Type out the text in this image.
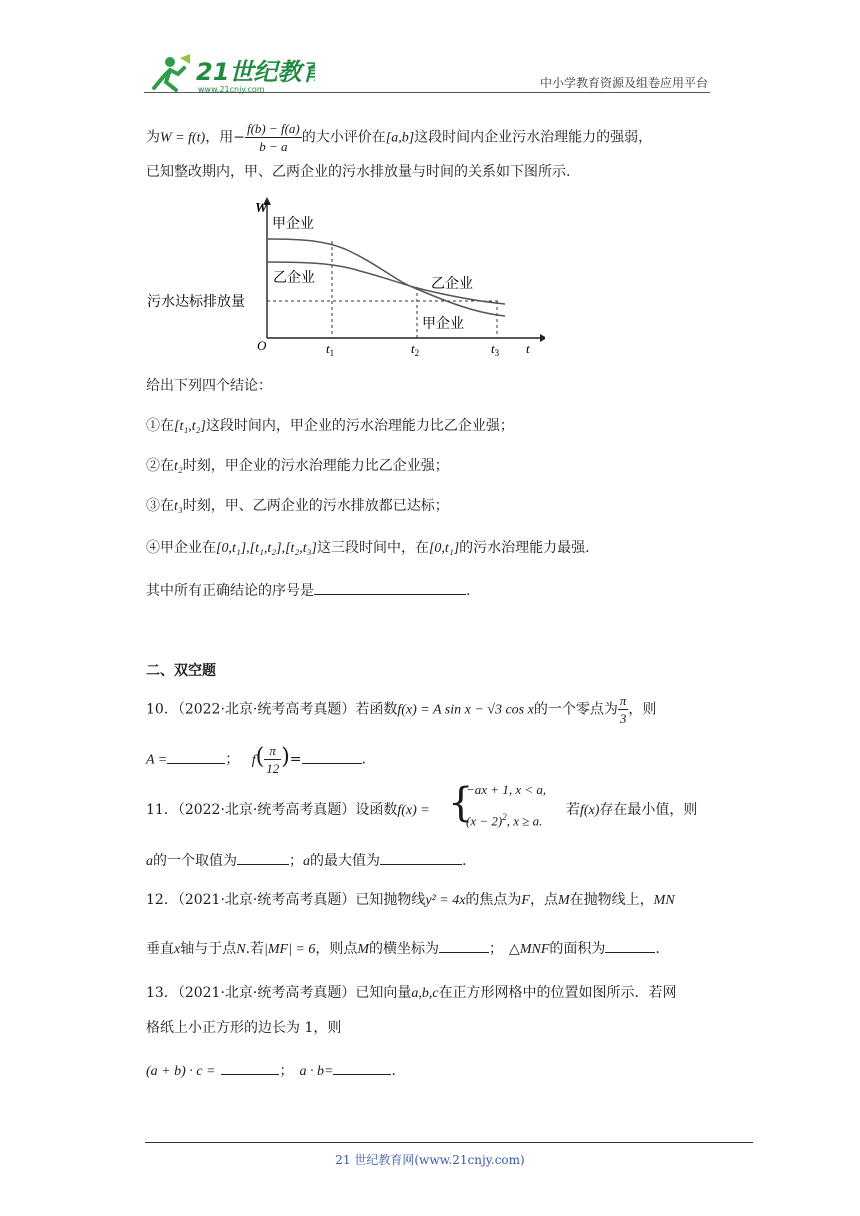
21世纪教育
www.21cnjy.com	中小学教育资源及组卷应用平台
为W = f(t)，用− $\frac{f(b) - f(a)}{b - a}$ 的大小评价在[a,b]这段时间内企业污水治理能力的强弱，
已知整改期内，甲、乙两企业的污水排放量与时间的关系如下图所示.
W
O	t
甲企业
乙企业	乙企业
甲企业
污水达标排放量
$t_1$	$t_2$	$t_3$
给出下列四个结论：
①在[t₁,t₂]这段时间内，甲企业的污水治理能力比乙企业强；
②在t₂时刻，甲企业的污水治理能力比乙企业强；
③在t₃时刻，甲、乙两企业的污水排放都已达标；
④甲企业在[0,t₁],[t₁,t₂],[t₂,t₃]这三段时间中，在[0,t₁]的污水治理能力最强.
其中所有正确结论的序号是	.
二、双空题
10．（2022·北京·统考高考真题）若函数f(x) = A sin x − √3 cos x的一个零点为 $\frac{\pi}{3}$ ，则
A =	； $f( \frac{\pi}{12}$ )=	.
11．（2022·北京·统考高考真题）设函数f(x) = {
−ax + 1, x < a,
$(x - 2)^2$, x ≥ a.
若f(x)存在最小值，则
a的一个取值为	；a的最大值为	.
12．（2021·北京·统考高考真题）已知抛物线y² = 4x的焦点为F，点M在抛物线上，MN
垂直x轴与于点N.若|MF| = 6，则点M的横坐标为	； △MNF的面积为	.
13．（2021·北京·统考高考真题）已知向量a,b,c在正方形网格中的位置如图所示．若网
格纸上小正方形的边长为 1，则
(a + b) · c =	； a · b=	.
21 世纪教育网(www.21cnjy.com)
